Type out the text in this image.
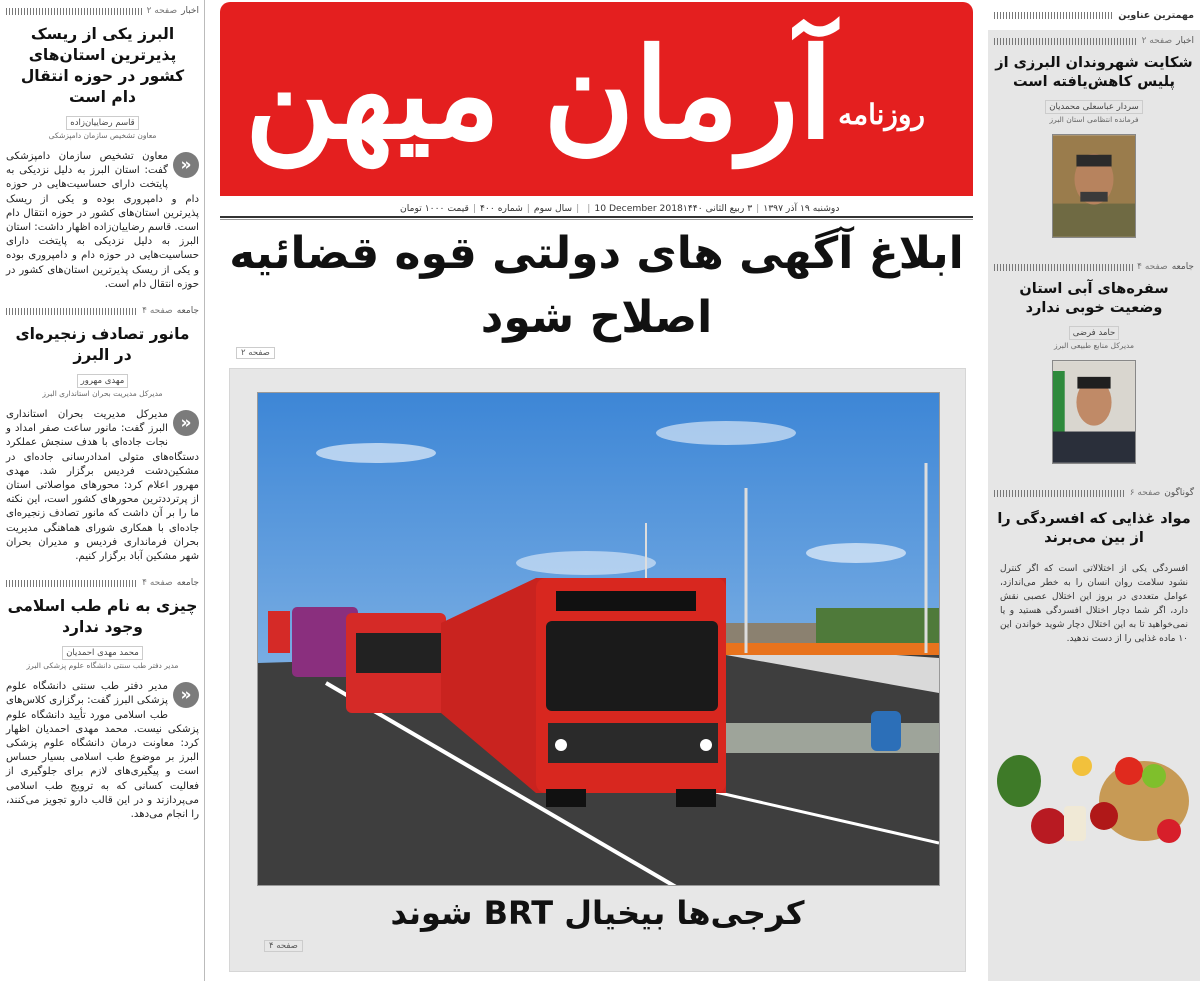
اخبار
صفحه ۲
البرز یکی از ریسک پذیرترین استان‌های کشور در حوزه انتقال دام است
قاسم رضاییان‌زاده
معاون تشخیص سازمان دامپزشکی
«
معاون تشخیص سازمان دامپزشکی گفت: استان البرز به دلیل نزدیکی به پایتخت دارای حساسیت‌هایی در حوزه دام و دامپروری بوده و یکی از ریسک پذیرترین استان‌های کشور در حوزه انتقال دام است. قاسم رضاییان‌زاده اظهار داشت: استان البرز به دلیل نزدیکی به پایتخت دارای حساسیت‌هایی در حوزه دام و دامپروری بوده و یکی از ریسک پذیرترین استان‌های کشور در حوزه انتقال دام است.
جامعه
صفحه ۴
مانور تصادف زنجیره‌ای در البرز
مهدی مهرور
مدیرکل مدیریت بحران استانداری البرز
«
مدیرکل مدیریت بحران استانداری البرز گفت: مانور ساعت صفر امداد و نجات جاده‌ای با هدف سنجش عملکرد دستگاه‌های متولی امدادرسانی جاده‌ای در مشکین‌دشت فردیس برگزار شد. مهدی مهرور اعلام کرد: محورهای مواصلاتی استان از پرترددترین محورهای کشور است، این نکته ما را بر آن داشت که مانور تصادف زنجیره‌ای جاده‌ای با همکاری شورای هماهنگی مدیریت بحران فرمانداری فردیس و مدیران بحران شهر مشکین آباد برگزار کنیم.
جامعه
صفحه ۴
چیزی به نام طب اسلامی وجود ندارد
محمد مهدی احمدیان
مدیر دفتر طب سنتی دانشگاه علوم پزشکی البرز
«
مدیر دفتر طب سنتی دانشگاه علوم پزشکی البرز گفت: برگزاری کلاس‌های طب اسلامی مورد تأیید دانشگاه علوم پزشکی نیست. محمد مهدی احمدیان اظهار کرد: معاونت درمان دانشگاه علوم پزشکی البرز بر موضوع طب اسلامی بسیار حساس است و پیگیری‌های لازم برای جلوگیری از فعالیت کسانی که به ترویج طب اسلامی می‌پردازند و در این قالب دارو تجویز می‌کنند، را انجام می‌دهد.
آرمان میهن روزنامه
دوشنبه ۱۹ آذر ۱۳۹۷
| ۳ ربیع الثانی ۱۴۴۰
| 10 December 2018
| سال سوم
| شماره ۴۰۰
| قیمت ۱۰۰۰ تومان
ابلاغ آگهی های دولتی قوه قضائیه
اصلاح شود
صفحه ۲
کرجی‌ها بیخیال BRT شوند
صفحه ۴
مهمترین عناوین
اخبار
صفحه ۲
شکایت شهروندان البرزی از پلیس کاهش‌یافته است
سردار عباسعلی محمدیان
فرمانده انتظامی استان البرز
جامعه
صفحه ۴
سفره‌های آبی استان وضعیت خوبی ندارد
حامد فرضی
مدیرکل منابع طبیعی البرز
گوناگون
صفحه ۶
مواد غذایی که افسردگی را از بین می‌برند
افسردگی یکی از اختلالاتی است که اگر کنترل نشود سلامت روان انسان را به خطر می‌اندازد، عوامل متعددی در بروز این اختلال عصبی نقش دارد، اگر شما دچار اختلال افسردگی هستید و یا نمی‌خواهید تا به این اختلال دچار شوید خواندن این ۱۰ ماده غذایی را از دست ندهید.
